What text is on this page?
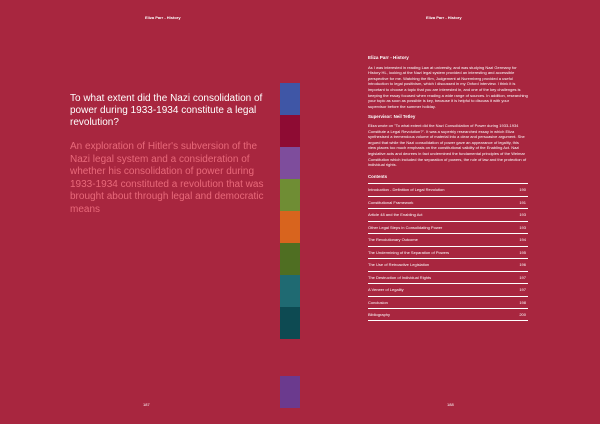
Eliza Parr - History	Eliza Parr - History
To what extent did the Nazi consolidation of power during 1933-1934 constitute a legal revolution?
An exploration of Hitler's subversion of the Nazi legal system and a consideration of whether his consolidation of power during 1933-1934 constituted a revolution that was brought about through legal and democratic means
Eliza Parr - History

As I was interested in reading Law at university, and was studying Nazi Germany for History HL, looking at the Nazi legal system provided an interesting and accessible perspective for me. Watching the film, Judgement at Nuremberg provided a useful introduction to legal positivism, which I discussed in my Oxford interview. I think it is important to choose a topic that you are interested in, and one of the key challenges is keeping the essay focused when reading a wide range of sources. In addition, researching your topic as soon as possible is key, because it is helpful to discuss it with your supervisor before the summer holiday.

Supervisor: Neil Tetley

Eliza wrote on "To what extent did the Nazi Consolidation of Power during 1933-1934 Constitute a Legal Revolution?". It was a superbly researched essay in which Eliza synthesised a tremendous volume of material into a clear and persuasive argument. She argued that while the Nazi consolidation of power gave an appearance of legality, this view places too much emphasis on the constitutional validity of the Enabling Act. Nazi legislative acts and decrees in fact undermined the fundamental principles of the Weimar Constitution which included the separation of powers, the rule of law and the protection of individual rights.

Contents
Introduction - Definition of Legal Revolution	190
Constitutional Framework	191
Article 48 and the Enabling Act	193
Other Legal Steps in Consolidating Power	193
The Revolutionary Outcome	194
The Undermining of the Separation of Powers	195
The Use of Retroactive Legislation	196
The Destruction of Individual Rights	197
A Veneer of Legality	197
Conclusion	198
Bibliography	200
187	188
